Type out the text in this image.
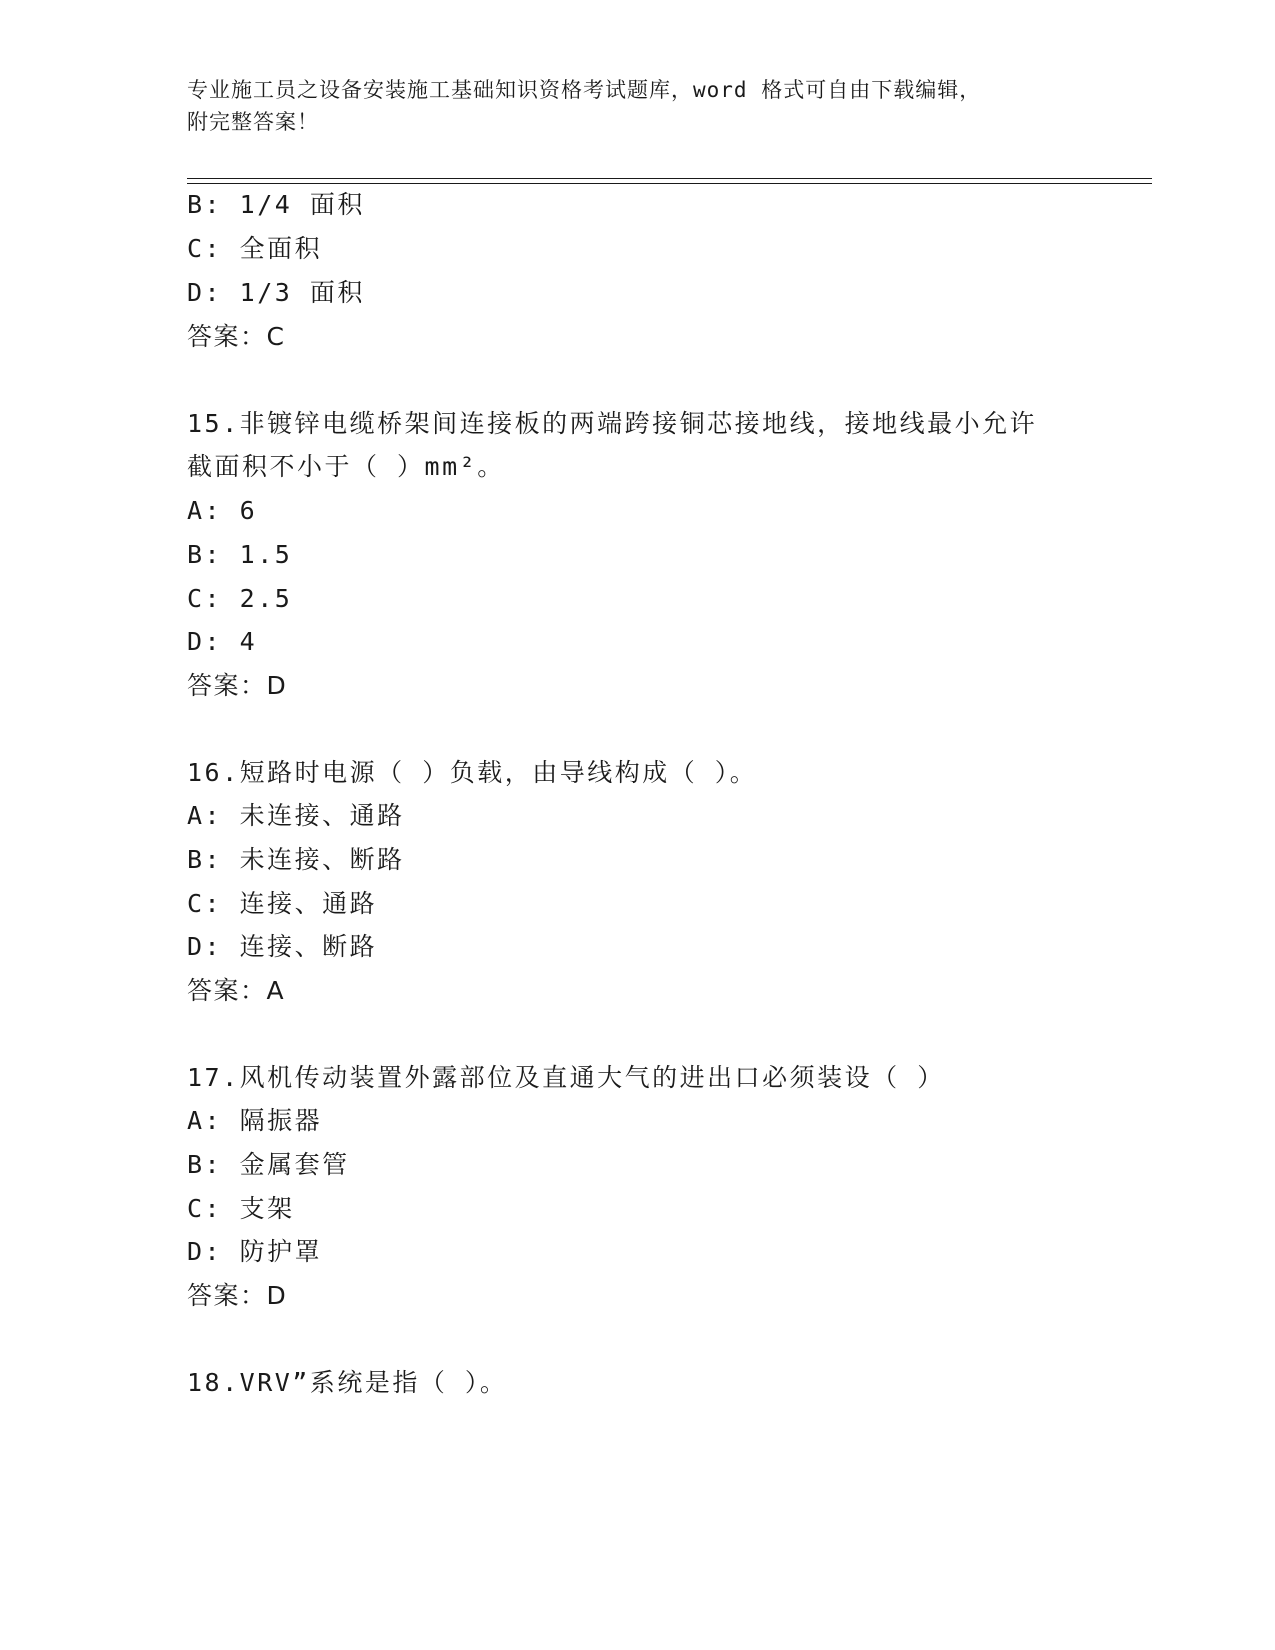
专业施工员之设备安装施工基础知识资格考试题库，word 格式可自由下载编辑，
附完整答案！
B: 1/4 面积
C: 全面积
D: 1/3 面积
答案：C
15.非镀锌电缆桥架间连接板的两端跨接铜芯接地线，接地线最小允许
截面积不小于（ ）mm²。
A: 6
B: 1.5
C: 2.5
D: 4
答案：D
16.短路时电源（ ）负载，由导线构成（ ）。
A: 未连接、通路
B: 未连接、断路
C: 连接、通路
D: 连接、断路
答案：A
17.风机传动装置外露部位及直通大气的进出口必须装设（ ）
A: 隔振器
B: 金属套管
C: 支架
D: 防护罩
答案：D
18.VRV”系统是指（ ）。
